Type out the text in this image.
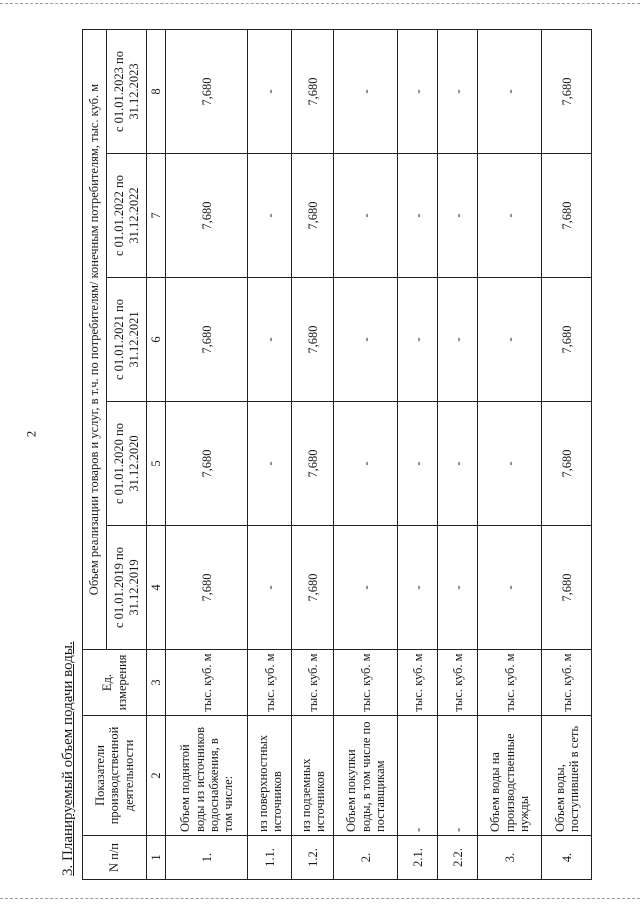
2
3. Планируемый объем подачи воды.	N п/п	Показатели производственной деятельности	Ед. измерения	Объем реализации товаров и услуг, в т.ч. по потребителям/ конечным потребителям, тыс. куб. м				
			с 01.01.2019 по 31.12.2019	с 01.01.2020 по 31.12.2020	с 01.01.2021 по 31.12.2021	с 01.01.2022 по 31.12.2022	с 01.01.2023 по 31.12.2023
1	2	3	4	5	6	7	8
1.	Объем поднятой воды из источников водоснабжения, в том числе:	тыс. куб. м	7,680	7,680	7,680	7,680	7,680
1.1.	из поверхностных источников	тыс. куб. м	-	-	-	-	-
1.2.	из подземных источников	тыс. куб. м	7,680	7,680	7,680	7,680	7,680
2.	Объем покупки воды, в том числе по поставщикам	тыс. куб. м	-	-	-	-	-
2.1.	-	тыс. куб. м	-	-	-	-	-
2.2.	-	тыс. куб. м	-	-	-	-	-
3.	Объем воды на производственные нужды	тыс. куб. м	-	-	-	-	-
4.	Объем воды, поступившей в сеть	тыс. куб. м	7,680	7,680	7,680	7,680	7,680
